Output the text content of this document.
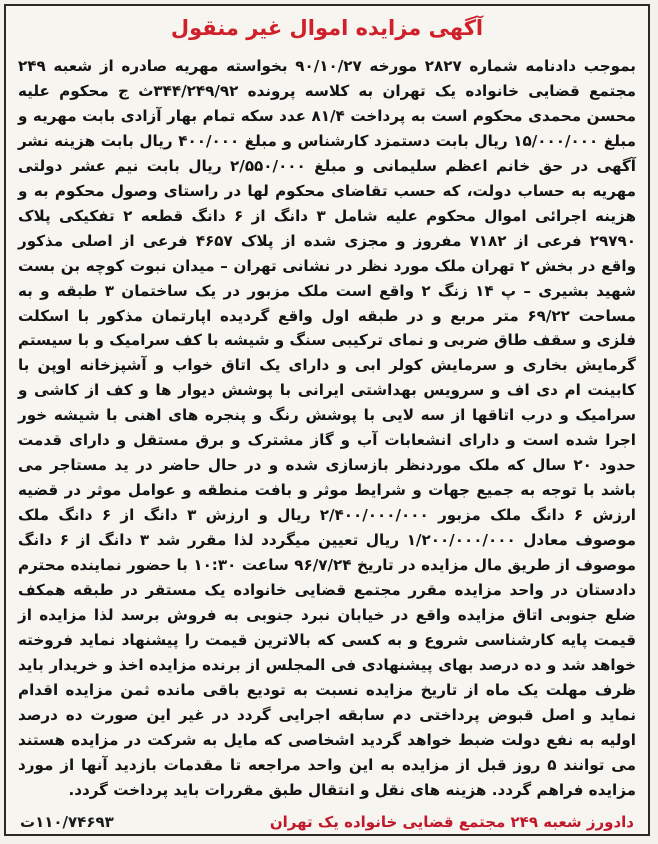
آگهی مزایده اموال غیر منقول
بموجب دادنامه شماره ۲۸۲۷ مورخه ۹۰/۱۰/۲۷ بخواسته مهریه صادره از شعبه ۲۴۹ مجتمع قضایی خانواده یک تهران به کلاسه پرونده ۳۴۴/۲۴۹/۹۲ث ج محکوم علیه محسن محمدی محکوم است به پرداخت ۸۱/۴ عدد سکه تمام بهار آزادی بابت مهریه و مبلغ ۱۵/۰۰۰/۰۰۰ ریال بابت دستمزد کارشناس و مبلغ ۴۰۰/۰۰۰ ریال بابت هزینه نشر آگهی در حق خانم اعظم سلیمانی و مبلغ ۲/۵۵۰/۰۰۰ ریال بابت نیم عشر دولتی مهریه به حساب دولت، که حسب تقاضای محکوم لها در راستای وصول محکوم به و هزینه اجرائی اموال محکوم علیه شامل ۳ دانگ از ۶ دانگ قطعه ۲ تفکیکی پلاک ۲۹۷۹۰ فرعی از ۷۱۸۲ مفروز و مجزی شده از پلاک ۴۶۵۷ فرعی از اصلی مذکور واقع در بخش ۲ تهران ملک مورد نظر در نشانی تهران – میدان نبوت کوچه بن بست شهید بشیری – پ ۱۴ زنگ ۲ واقع است ملک مزبور در یک ساختمان ۳ طبقه و به مساحت ۶۹/۲۲ متر مربع و در طبقه اول واقع گردیده اپارتمان مذکور با اسکلت فلزی و سقف طاق ضربی و نمای ترکیبی سنگ و شیشه با کف سرامیک و با سیستم گرمایش بخاری و سرمایش کولر ابی و دارای یک اتاق خواب و آشپزخانه اوپن با کابینت ام دی اف و سرویس بهداشتی ایرانی با پوشش دیوار ها و کف از کاشی و سرامیک و درب اتاقها از سه لایی با پوشش رنگ و پنجره های اهنی با شیشه خور اجرا شده است و دارای انشعابات آب و گاز مشترک و برق مستقل و دارای قدمت حدود ۲۰ سال که ملک موردنظر بازسازی شده و در حال حاضر در ید مستاجر می باشد با توجه به جمیع جهات و شرایط موثر و بافت منطقه و عوامل موثر در قضیه ارزش ۶ دانگ ملک مزبور ۲/۴۰۰/۰۰۰/۰۰۰ ریال و ارزش ۳ دانگ از ۶ دانگ ملک موصوف معادل ۱/۲۰۰/۰۰۰/۰۰۰ ریال تعیین میگردد لذا مقرر شد ۳ دانگ از ۶ دانگ موصوف از طریق مال مزایده در تاریخ ۹۶/۷/۲۴ ساعت ۱۰:۳۰ با حضور نماینده محترم دادستان در واحد مزایده مقرر مجتمع قضایی خانواده یک مستقر در طبقه همکف ضلع جنوبی اتاق مزایده واقع در خیابان نبرد جنوبی به فروش برسد لذا مزایده از قیمت پایه کارشناسی شروع و به کسی که بالاترین قیمت را پیشنهاد نماید فروخته خواهد شد و ده درصد بهای پیشنهادی فی المجلس از برنده مزایده اخذ و خریدار باید ظرف مهلت یک ماه از تاریخ مزایده نسبت به تودیع باقی مانده ثمن مزایده اقدام نماید و اصل قبوض پرداختی دم سابقه اجرایی گردد در غیر این صورت ده درصد اولیه به نفع دولت ضبط خواهد گردید اشخاصی که مایل به شرکت در مزایده هستند می توانند ۵ روز قبل از مزایده به این واحد مراجعه تا مقدمات بازدید آنها از مورد مزایده فراهم گردد. هزینه های نقل و انتقال طبق مقررات باید پرداخت گردد.
دادورز شعبه ۲۴۹ مجتمع قضایی خانواده یک تهران
۱۱۰/۷۴۶۹۳ت
